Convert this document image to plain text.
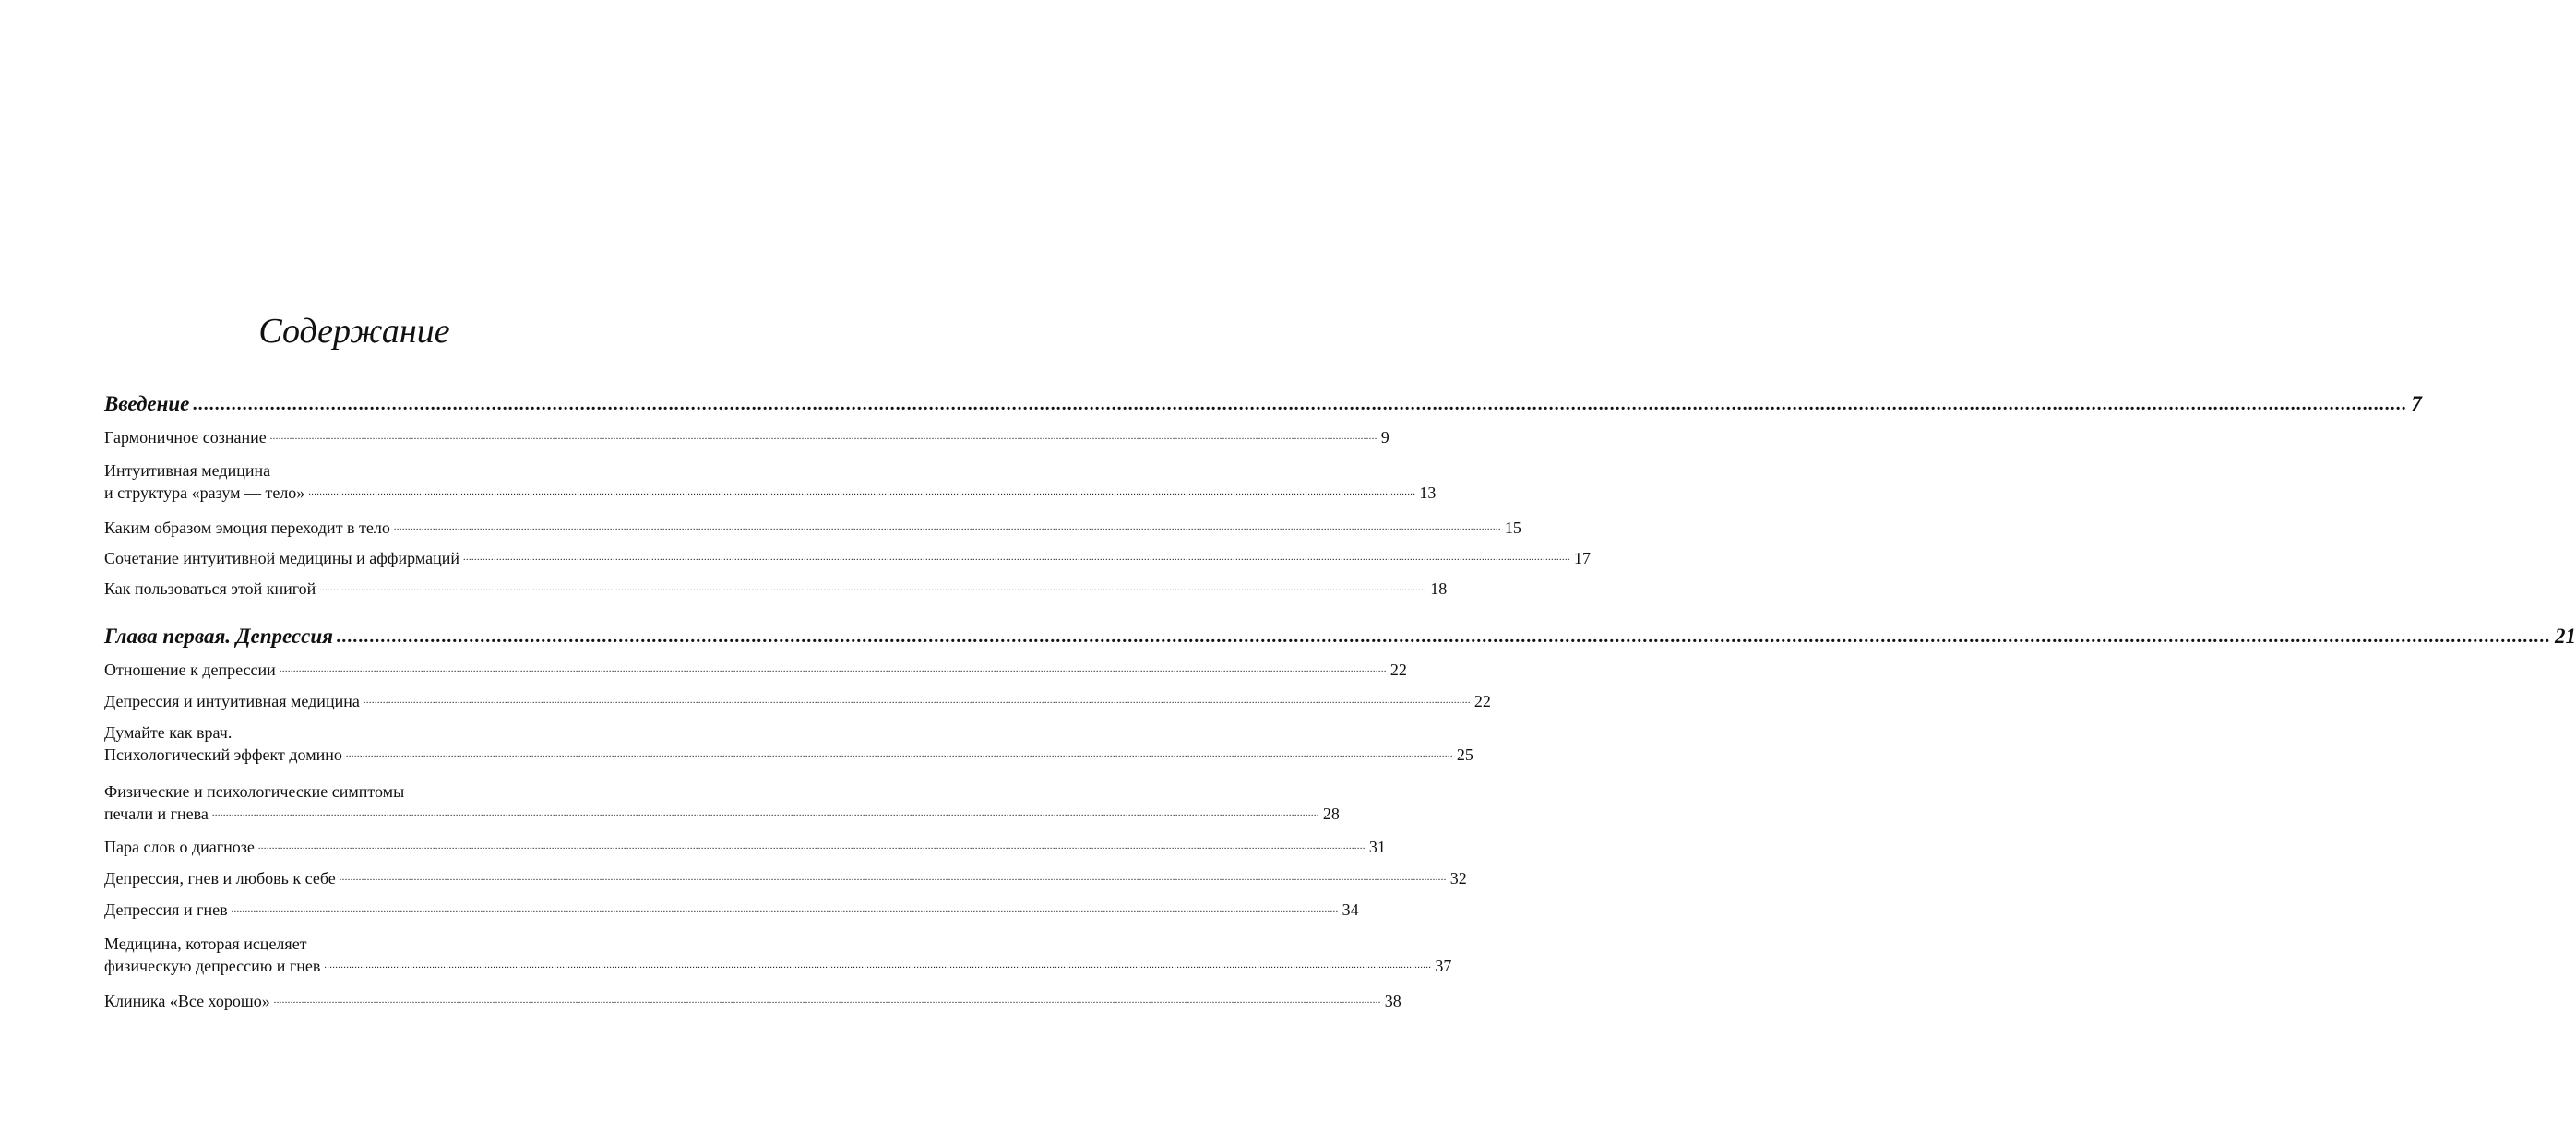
Содержание
Введение ................................................................................................................................................................................................................................................................................................................................................................................................................ 7
Гармоничное сознание ................................................................................................................................................................................................................................................................................................................................................................................................................ 9
Интуитивная медицина
и структура «разум — тело» ................................................................................................................................................................................................................................................................................................................................................................................................................ 13
Каким образом эмоция переходит в тело ................................................................................................................................................................................................................................................................................................................................................................................................................ 15
Сочетание интуитивной медицины и аффирмаций ................................................................................................................................................................................................................................................................................................................................................................................................................ 17
Как пользоваться этой книгой ................................................................................................................................................................................................................................................................................................................................................................................................................ 18
Глава первая. Депрессия ................................................................................................................................................................................................................................................................................................................................................................................................................ 21
Отношение к депрессии ................................................................................................................................................................................................................................................................................................................................................................................................................ 22
Депрессия и интуитивная медицина ................................................................................................................................................................................................................................................................................................................................................................................................................ 22
Думайте как врач.
Психологический эффект домино ................................................................................................................................................................................................................................................................................................................................................................................................................ 25
Физические и психологические симптомы
печали и гнева ................................................................................................................................................................................................................................................................................................................................................................................................................ 28
Пара слов о диагнозе ................................................................................................................................................................................................................................................................................................................................................................................................................ 31
Депрессия, гнев и любовь к себе ................................................................................................................................................................................................................................................................................................................................................................................................................ 32
Депрессия и гнев ................................................................................................................................................................................................................................................................................................................................................................................................................ 34
Медицина, которая исцеляет
физическую депрессию и гнев ................................................................................................................................................................................................................................................................................................................................................................................................................ 37
Клиника «Все хорошо» ................................................................................................................................................................................................................................................................................................................................................................................................................ 38
